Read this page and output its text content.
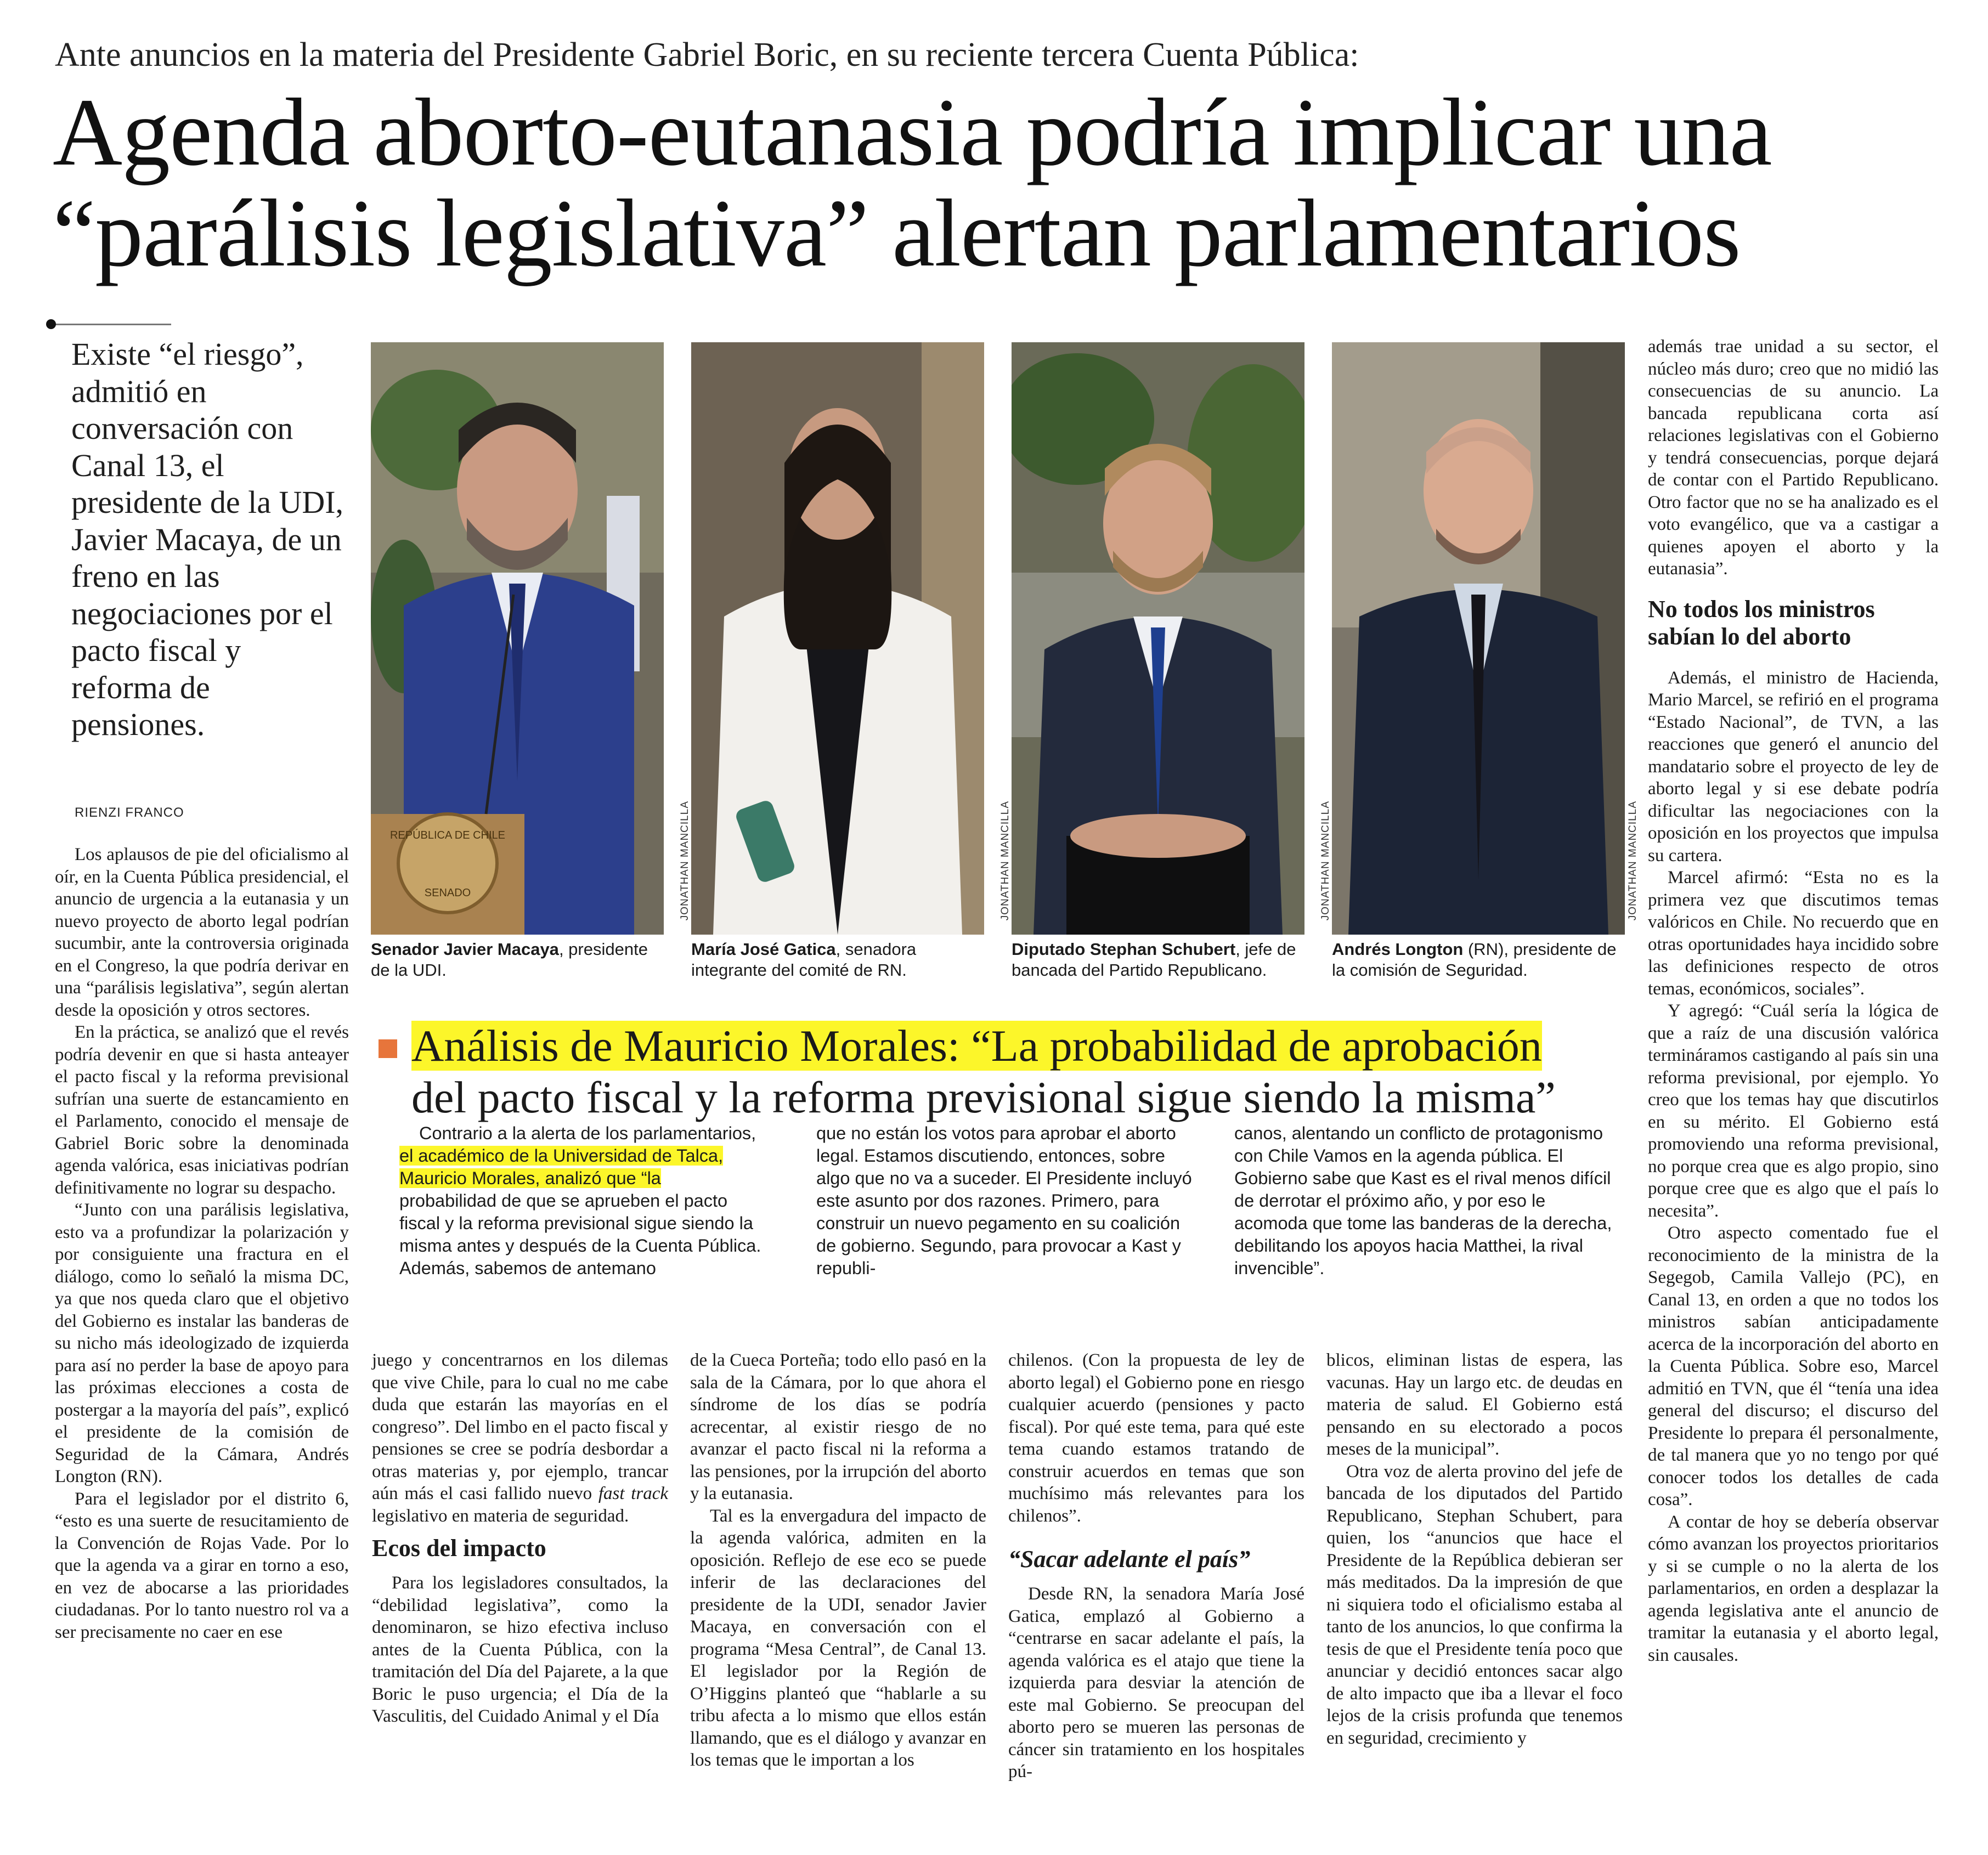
Ante anuncios en la materia del Presidente Gabriel Boric, en su reciente tercera Cuenta Pública:
Agenda aborto-eutanasia podría implicar una
“parálisis legislativa” alertan parlamentarios
Existe “el riesgo”, admitió en conversación con Canal 13, el presidente de la UDI, Javier Macaya, de un freno en las negociaciones por el pacto fiscal y reforma de pensiones.
RIENZI FRANCO

Los aplausos de pie del oficialismo al oír, en la Cuenta Pública presidencial, el anuncio de urgencia a la eutanasia y un nuevo proyecto de aborto legal podrían sucumbir, ante la controversia originada en el Congreso, la que podría derivar en una “parálisis legislativa”, según alertan desde la oposición y otros sectores.

En la práctica, se analizó que el revés podría devenir en que si hasta anteayer el pacto fiscal y la reforma previsional sufrían una suerte de estancamiento en el Parlamento, conocido el mensaje de Gabriel Boric sobre la denominada agenda valórica, esas iniciativas podrían definitivamente no lograr su despacho.

“Junto con una parálisis legislativa, esto va a profundizar la polarización y por consiguiente una fractura en el diálogo, como lo señaló la misma DC, ya que nos queda claro que el objetivo del Gobierno es instalar las banderas de su nicho más ideologizado de izquierda para así no perder la base de apoyo para las próximas elecciones a costa de postergar a la mayoría del país”, explicó el presidente de la comisión de Seguridad de la Cámara, Andrés Longton (RN).

Para el legislador por el distrito 6, “esto es una suerte de resucitamiento de la Convención de Rojas Vade. Por lo que la agenda va a girar en torno a eso, en vez de abocarse a las prioridades ciudadanas. Por lo tanto nuestro rol va a ser precisamente no caer en ese

REPÚBLICA DE CHILE
SENADO	JONATHAN MANCILLA	JONATHAN MANCILLA	JONATHAN MANCILLA	JONATHAN MANCILLA
Senador Javier Macaya, presidente de la UDI.
María José Gatica, senadora integrante del comité de RN.
Diputado Stephan Schubert, jefe de bancada del Partido Republicano.
Andrés Longton (RN), presidente de la comisión de Seguridad.
Análisis de Mauricio Morales: “La probabilidad de aprobación
del pacto fiscal y la reforma previsional sigue siendo la misma”

Contrario a la alerta de los parlamentarios, el académico de la Universidad de Talca, Mauricio Morales, analizó que “la probabilidad de que se aprueben el pacto fiscal y la reforma previsional sigue siendo la misma antes y después de la Cuenta Pública. Además, sabemos de antemano

que no están los votos para aprobar el aborto legal. Estamos discutiendo, entonces, sobre algo que no va a suceder. El Presidente incluyó este asunto por dos razones. Primero, para construir un nuevo pegamento en su coalición de gobierno. Segundo, para provocar a Kast y republi-

canos, alentando un conflicto de protagonismo con Chile Vamos en la agenda pública. El Gobierno sabe que Kast es el rival menos difícil de derrotar el próximo año, y por eso le acomoda que tome las banderas de la derecha, debilitando los apoyos hacia Matthei, la rival invencible”.

juego y concentrarnos en los dilemas que vive Chile, para lo cual no me cabe duda que estarán las mayorías en el congreso”. Del limbo en el pacto fiscal y pensiones se cree se podría desbordar a otras materias y, por ejemplo, trancar aún más el casi fallido nuevo fast track legislativo en materia de seguridad.

Ecos del impacto

Para los legisladores consultados, la “debilidad legislativa”, como la denominaron, se hizo efectiva incluso antes de la Cuenta Pública, con la tramitación del Día del Pajarete, a la que Boric le puso urgencia; el Día de la Vasculitis, del Cuidado Animal y el Día

de la Cueca Porteña; todo ello pasó en la sala de la Cámara, por lo que ahora el síndrome de los días se podría acrecentar, al existir riesgo de no avanzar el pacto fiscal ni la reforma a las pensiones, por la irrupción del aborto y la eutanasia.

Tal es la envergadura del impacto de la agenda valórica, admiten en la oposición. Reflejo de ese eco se puede inferir de las declaraciones del presidente de la UDI, senador Javier Macaya, en conversación con el programa “Mesa Central”, de Canal 13. El legislador por la Región de O’Higgins planteó que “hablarle a su tribu afecta a lo mismo que ellos están llamando, que es el diálogo y avanzar en los temas que le importan a los

chilenos. (Con la propuesta de ley de aborto legal) el Gobierno pone en riesgo cualquier acuerdo (pensiones y pacto fiscal). Por qué este tema, para qué este tema cuando estamos tratando de construir acuerdos en temas que son muchísimo más relevantes para los chilenos”.

“Sacar adelante el país”

Desde RN, la senadora María José Gatica, emplazó al Gobierno a “centrarse en sacar adelante el país, la agenda valórica es el atajo que tiene la izquierda para desviar la atención de este mal Gobierno. Se preocupan del aborto pero se mueren las personas de cáncer sin tratamiento en los hospitales pú-

blicos, eliminan listas de espera, las vacunas. Hay un largo etc. de deudas en materia de salud. El Gobierno está pensando en su electorado a pocos meses de la municipal”.

Otra voz de alerta provino del jefe de bancada de los diputados del Partido Republicano, Stephan Schubert, para quien, los “anuncios que hace el Presidente de la República debieran ser más meditados. Da la impresión de que ni siquiera todo el oficialismo estaba al tanto de los anuncios, lo que confirma la tesis de que el Presidente tenía poco que anunciar y decidió entonces sacar algo de alto impacto que iba a llevar el foco lejos de la crisis profunda que tenemos en seguridad, crecimiento y

además trae unidad a su sector, el núcleo más duro; creo que no midió las consecuencias de su anuncio. La bancada republicana corta así relaciones legislativas con el Gobierno y tendrá consecuencias, porque dejará de contar con el Partido Republicano. Otro factor que no se ha analizado es el voto evangélico, que va a castigar a quienes apoyen el aborto y la eutanasia”.

No todos los ministros sabían lo del aborto

Además, el ministro de Hacienda, Mario Marcel, se refirió en el programa “Estado Nacional”, de TVN, a las reacciones que generó el anuncio del mandatario sobre el proyecto de ley de aborto legal y si ese debate podría dificultar las negociaciones con la oposición en los proyectos que impulsa su cartera.

Marcel afirmó: “Esta no es la primera vez que discutimos temas valóricos en Chile. No recuerdo que en otras oportunidades haya incidido sobre las definiciones respecto de otros temas, económicos, sociales”.

Y agregó: “Cuál sería la lógica de que a raíz de una discusión valórica termináramos castigando al país sin una reforma previsional, por ejemplo. Yo creo que los temas hay que discutirlos en su mérito. El Gobierno está promoviendo una reforma previsional, no porque crea que es algo propio, sino porque cree que es algo que el país lo necesita”.

Otro aspecto comentado fue el reconocimiento de la ministra de la Segegob, Camila Vallejo (PC), en Canal 13, en orden a que no todos los ministros sabían anticipadamente acerca de la incorporación del aborto en la Cuenta Pública. Sobre eso, Marcel admitió en TVN, que él “tenía una idea general del discurso; el discurso del Presidente lo prepara él personalmente, de tal manera que yo no tengo por qué conocer todos los detalles de cada cosa”.

A contar de hoy se debería observar cómo avanzan los proyectos prioritarios y si se cumple o no la alerta de los parlamentarios, en orden a desplazar la agenda legislativa ante el anuncio de tramitar la eutanasia y el aborto legal, sin causales.
